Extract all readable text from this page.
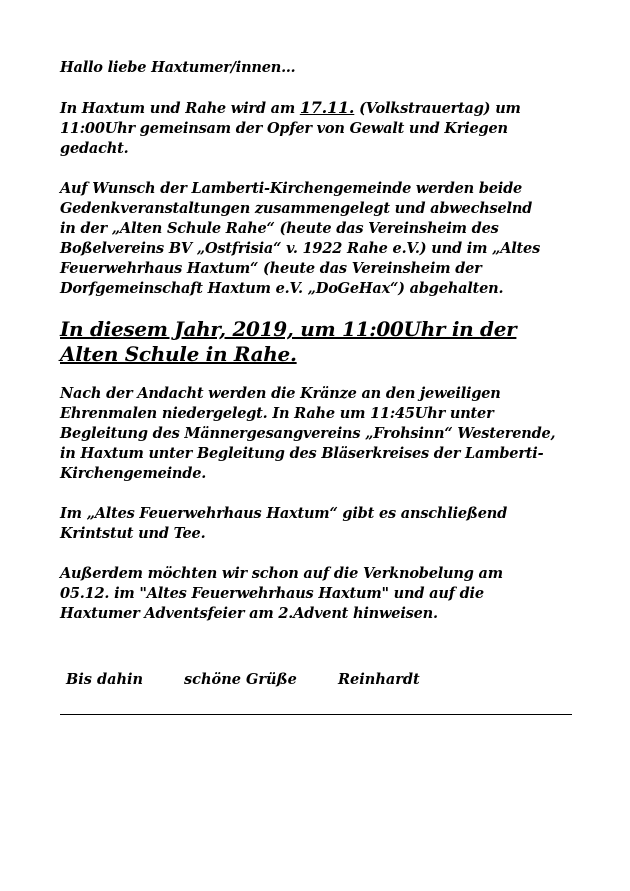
Hallo liebe Haxtumer/innen…
In Haxtum und Rahe wird am 17.11. (Volkstrauertag) um
11:00Uhr gemeinsam der Opfer von Gewalt und Kriegen
gedacht.
Auf Wunsch der Lamberti-Kirchengemeinde werden beide
Gedenkveranstaltungen zusammengelegt und abwechselnd
in der „Alten Schule Rahe“ (heute das Vereinsheim des
Boßelvereins BV „Ostfrisia“ v. 1922 Rahe e.V.) und im „Altes
Feuerwehrhaus Haxtum“ (heute das Vereinsheim der
Dorfgemeinschaft Haxtum e.V. „DoGeHax“) abgehalten.
In diesem Jahr, 2019, um 11:00Uhr in der
Alten Schule in Rahe.
Nach der Andacht werden die Kränze an den jeweiligen
Ehrenmalen niedergelegt. In Rahe um 11:45Uhr unter
Begleitung des Männergesangvereins „Frohsinn“ Westerende,
in Haxtum unter Begleitung des Bläserkreises der Lamberti-
Kirchengemeinde.
Im „Altes Feuerwehrhaus Haxtum“ gibt es anschließend
Krintstut und Tee.
Außerdem möchten wir schon auf die Verknobelung am
05.12. im "Altes Feuerwehrhaus Haxtum" und auf die
Haxtumer Adventsfeier am 2.Advent hinweisen.
Bis dahin	schöne Grüße	Reinhardt
